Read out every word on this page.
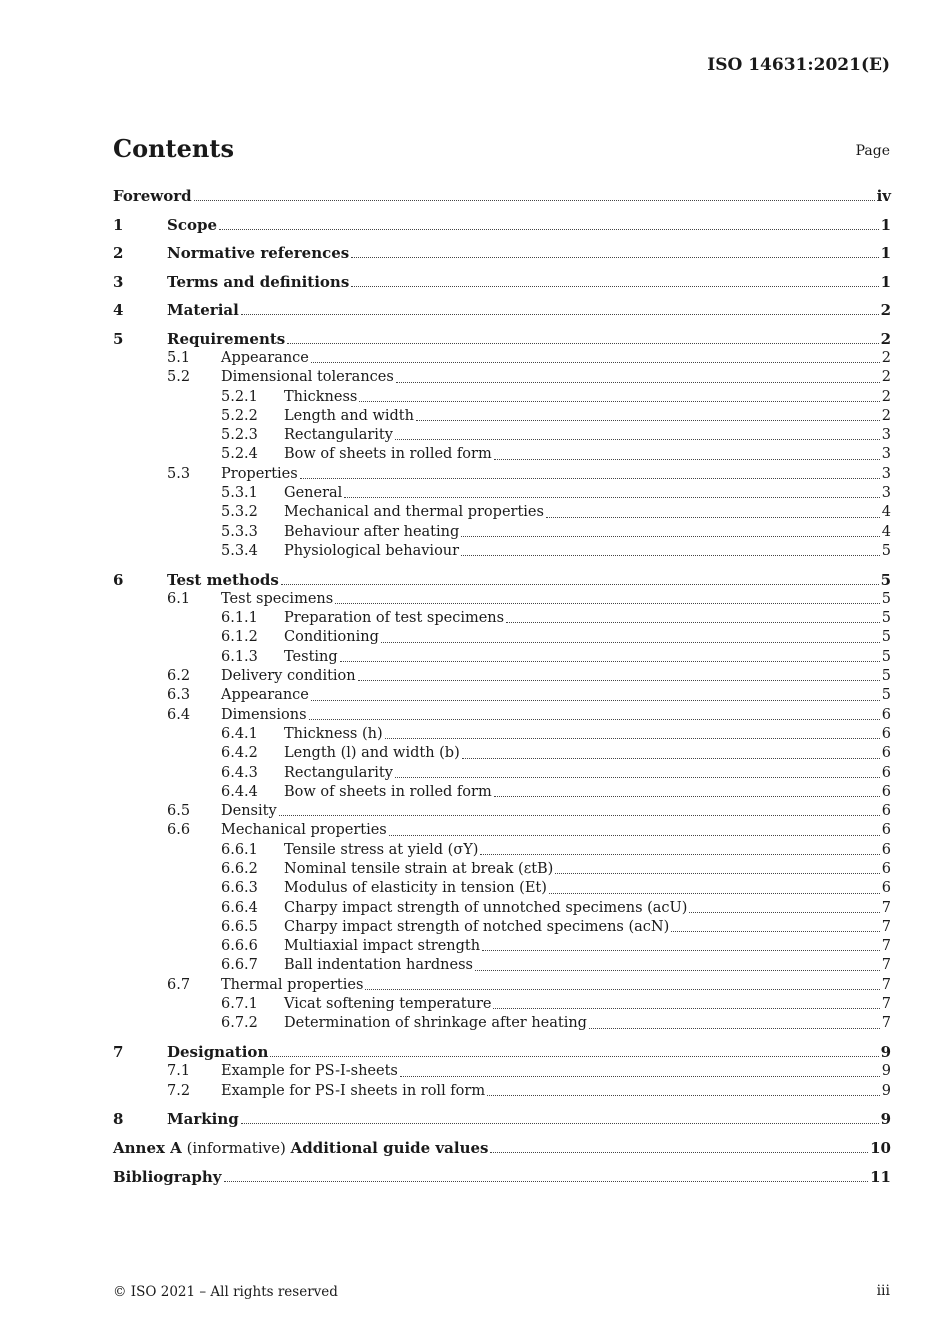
ISO 14631:2021(E)
Contents	Page
Foreword	iv
1	Scope	1
2	Normative references	1
3	Terms and definitions	1
4	Material	2
5	Requirements	2
5.1	Appearance	2
5.2	Dimensional tolerances	2
5.2.1	Thickness	2
5.2.2	Length and width	2
5.2.3	Rectangularity	3
5.2.4	Bow of sheets in rolled form	3
5.3	Properties	3
5.3.1	General	3
5.3.2	Mechanical and thermal properties	4
5.3.3	Behaviour after heating	4
5.3.4	Physiological behaviour	5
6	Test methods	5
6.1	Test specimens	5
6.1.1	Preparation of test specimens	5
6.1.2	Conditioning	5
6.1.3	Testing	5
6.2	Delivery condition	5
6.3	Appearance	5
6.4	Dimensions	6
6.4.1	Thickness (h)	6
6.4.2	Length (l) and width (b)	6
6.4.3	Rectangularity	6
6.4.4	Bow of sheets in rolled form	6
6.5	Density	6
6.6	Mechanical properties	6
6.6.1	Tensile stress at yield (σY)	6
6.6.2	Nominal tensile strain at break (εtB)	6
6.6.3	Modulus of elasticity in tension (Et)	6
6.6.4	Charpy impact strength of unnotched specimens (acU)	7
6.6.5	Charpy impact strength of notched specimens (acN)	7
6.6.6	Multiaxial impact strength	7
6.6.7	Ball indentation hardness	7
6.7	Thermal properties	7
6.7.1	Vicat softening temperature	7
6.7.2	Determination of shrinkage after heating	7
7	Designation	9
7.1	Example for PS-I-sheets	9
7.2	Example for PS-I sheets in roll form	9
8	Marking	9
Annex A (informative) Additional guide values	10
Bibliography	11
© ISO 2021 – All rights reserved	iii
